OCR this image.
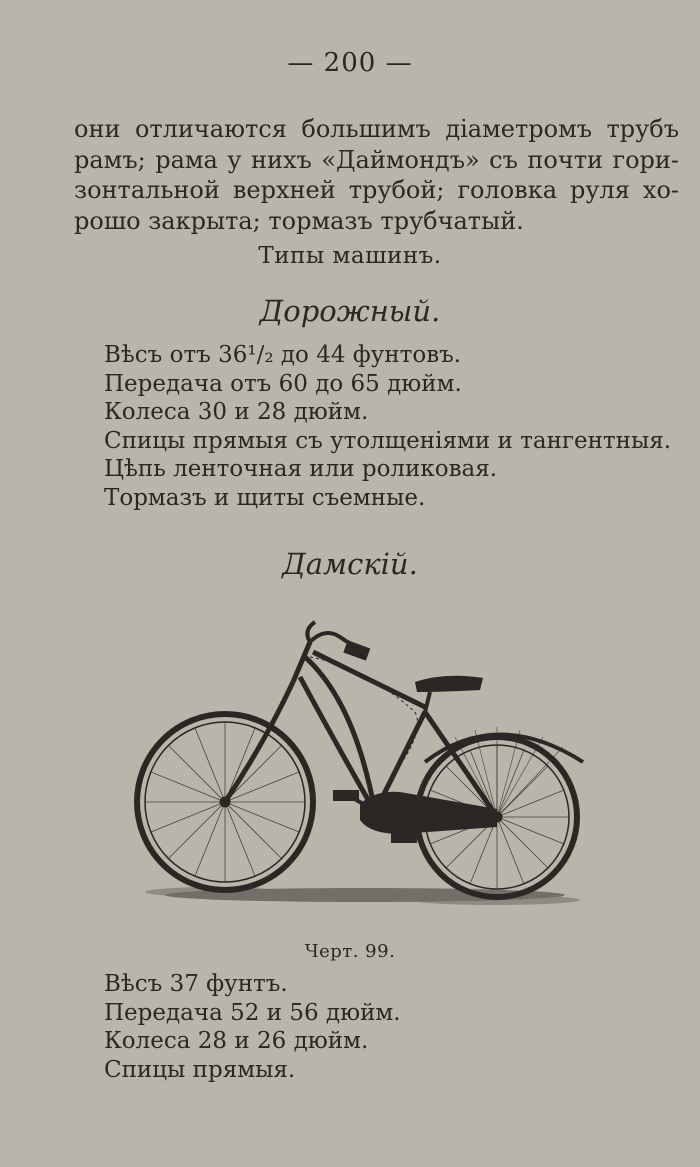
— 200 —
они отличаются большимъ діаметромъ трубъ
рамъ; рама у нихъ «Даймондъ» съ почти гори-
зонтальной верхней трубой; головка руля хо-
рошо закрыта; тормазъ трубчатый.
Типы машинъ.
Дорожный.
Вѣсъ отъ 36¹/₂ до 44 фунтовъ.
Передача отъ 60 до 65 дюйм.
Колеса 30 и 28 дюйм.
Спицы прямыя съ утолщеніями и тангентныя.
Цѣпь ленточная или роликовая.
Тормазъ и щиты съемные.
Дамскій.
Черт. 99.
Вѣсъ 37 фунтъ.
Передача 52 и 56 дюйм.
Колеса 28 и 26 дюйм.
Спицы прямыя.
